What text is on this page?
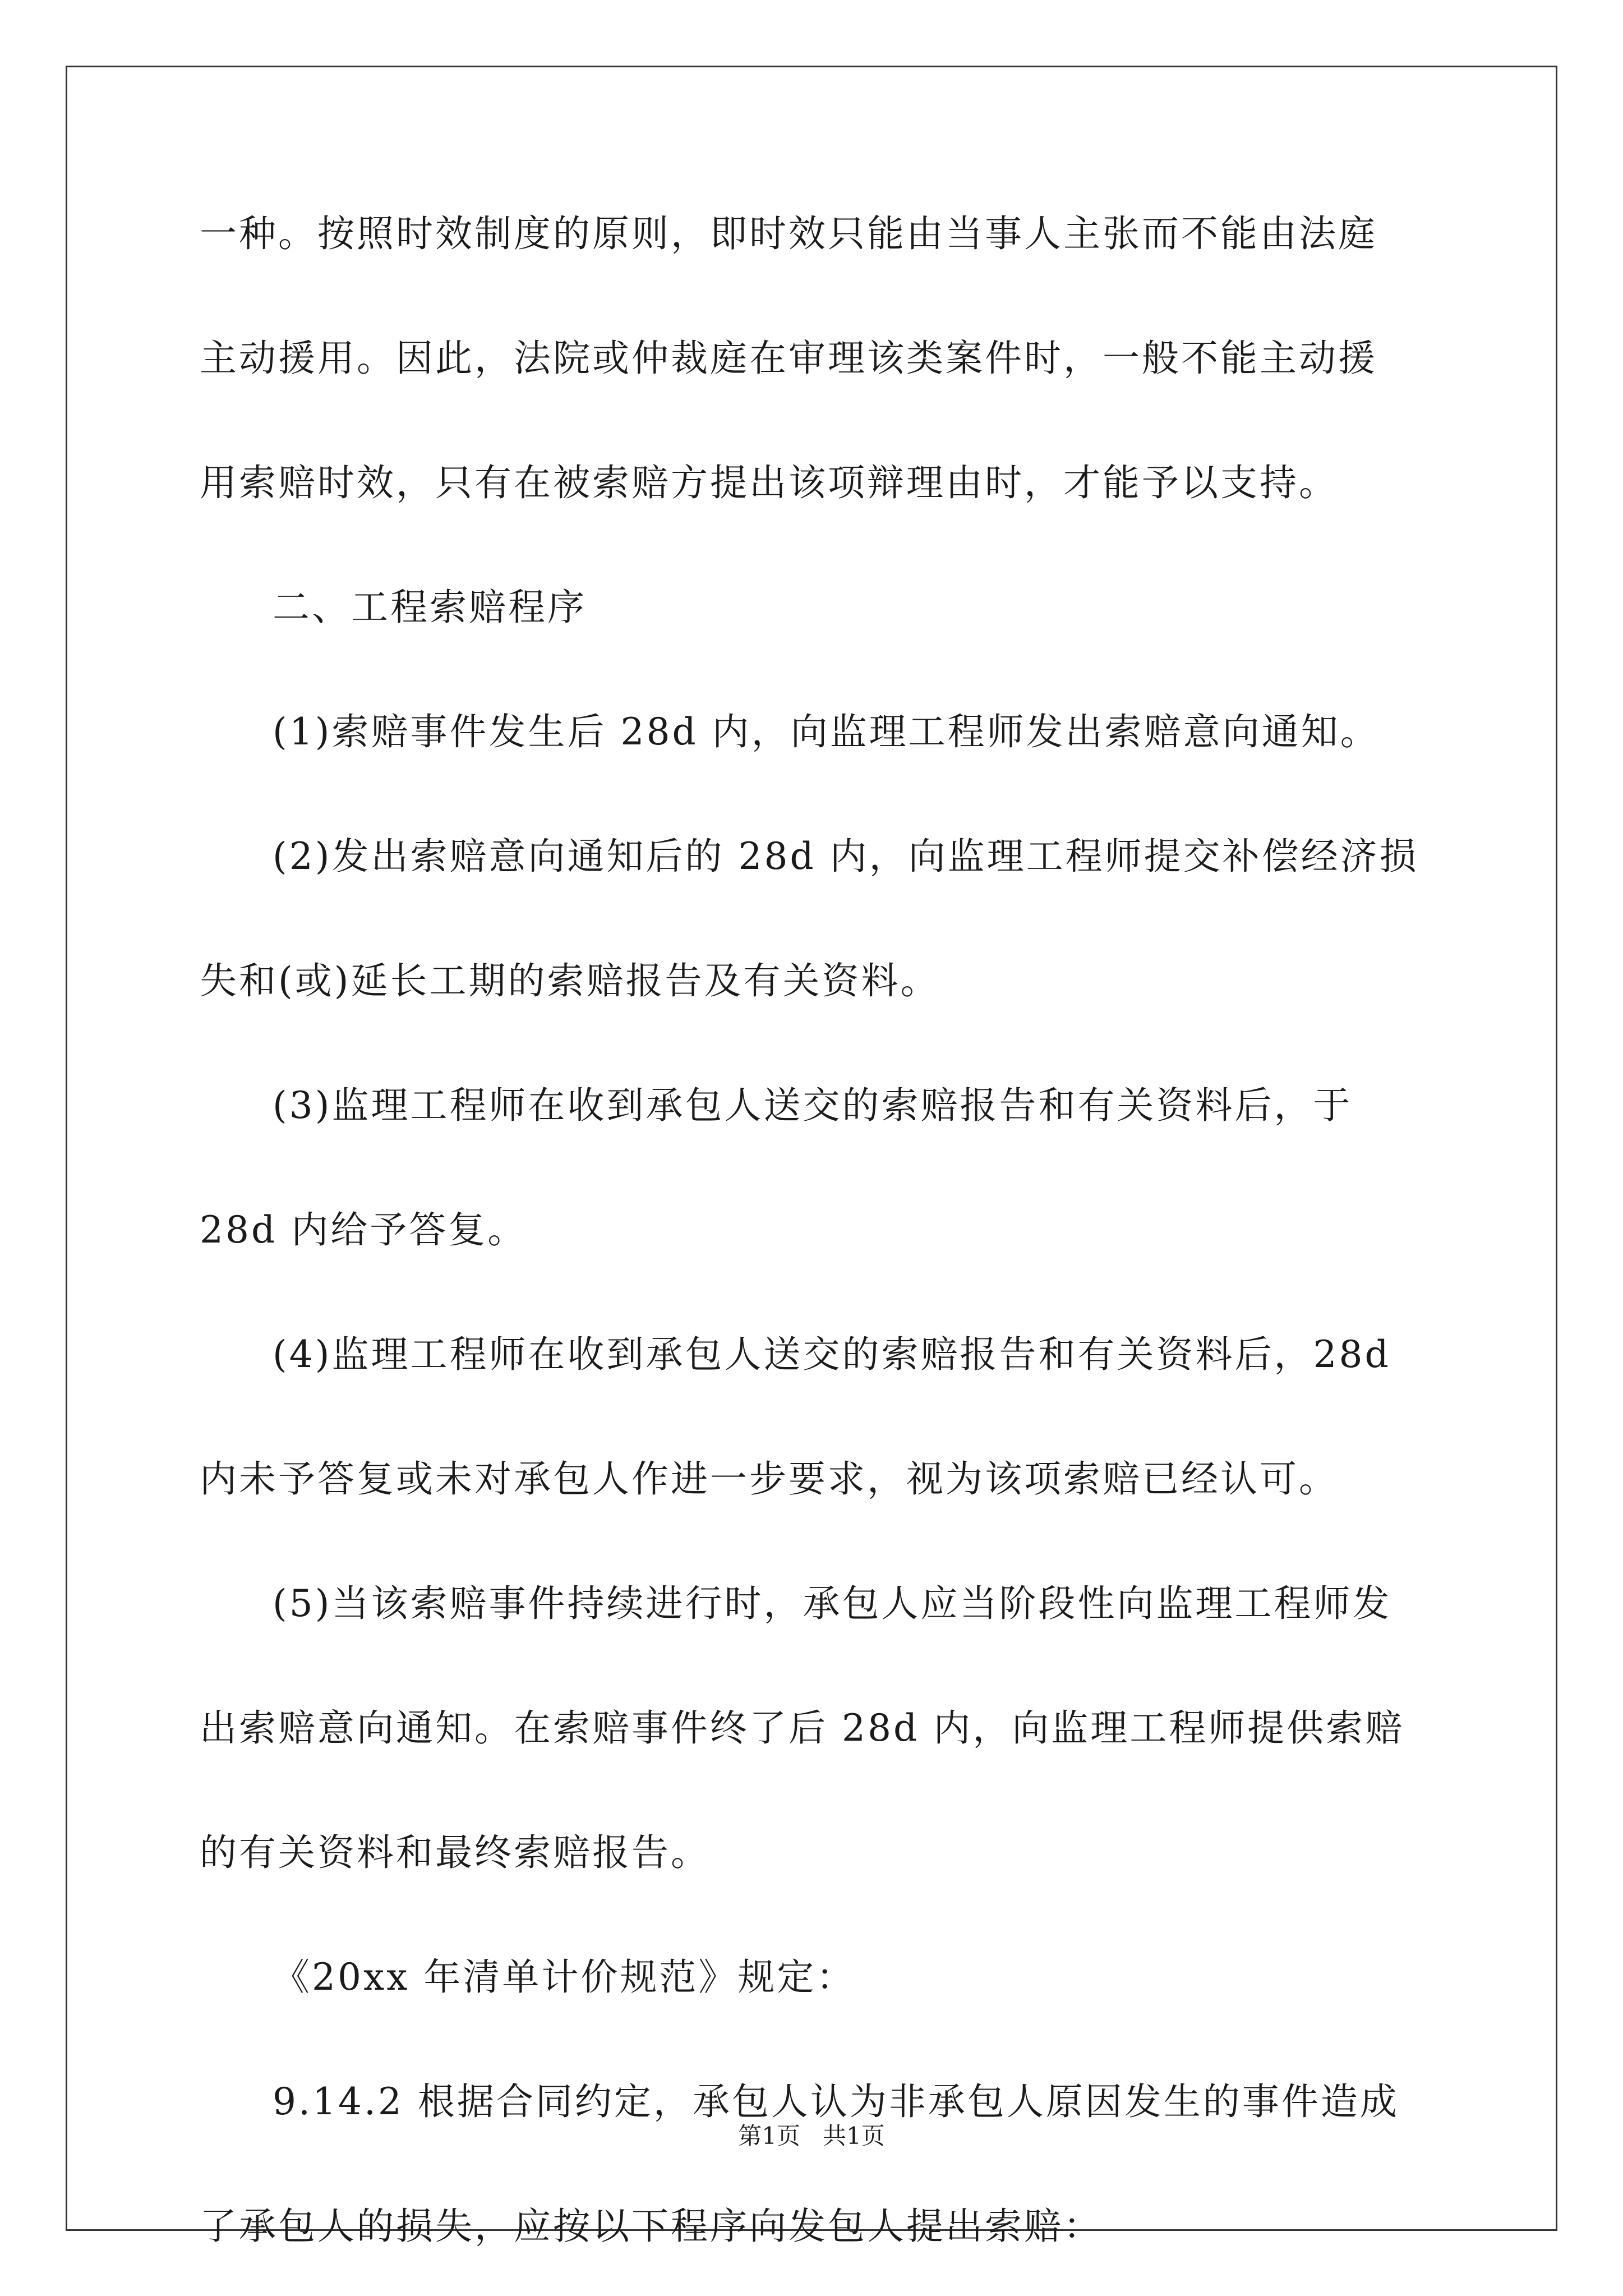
一种。按照时效制度的原则，即时效只能由当事人主张而不能由法庭
主动援用。因此，法院或仲裁庭在审理该类案件时，一般不能主动援
用索赔时效，只有在被索赔方提出该项辩理由时，才能予以支持。
二、工程索赔程序
(1)索赔事件发生后 28d 内，向监理工程师发出索赔意向通知。
(2)发出索赔意向通知后的 28d 内，向监理工程师提交补偿经济损
失和(或)延长工期的索赔报告及有关资料。
(3)监理工程师在收到承包人送交的索赔报告和有关资料后，于
28d 内给予答复。
(4)监理工程师在收到承包人送交的索赔报告和有关资料后，28d
内未予答复或未对承包人作进一步要求，视为该项索赔已经认可。
(5)当该索赔事件持续进行时，承包人应当阶段性向监理工程师发
出索赔意向通知。在索赔事件终了后 28d 内，向监理工程师提供索赔
的有关资料和最终索赔报告。
《20xx 年清单计价规范》规定：
9.14.2 根据合同约定，承包人认为非承包人原因发生的事件造成
了承包人的损失，应按以下程序向发包人提出索赔：
第1页   共1页
